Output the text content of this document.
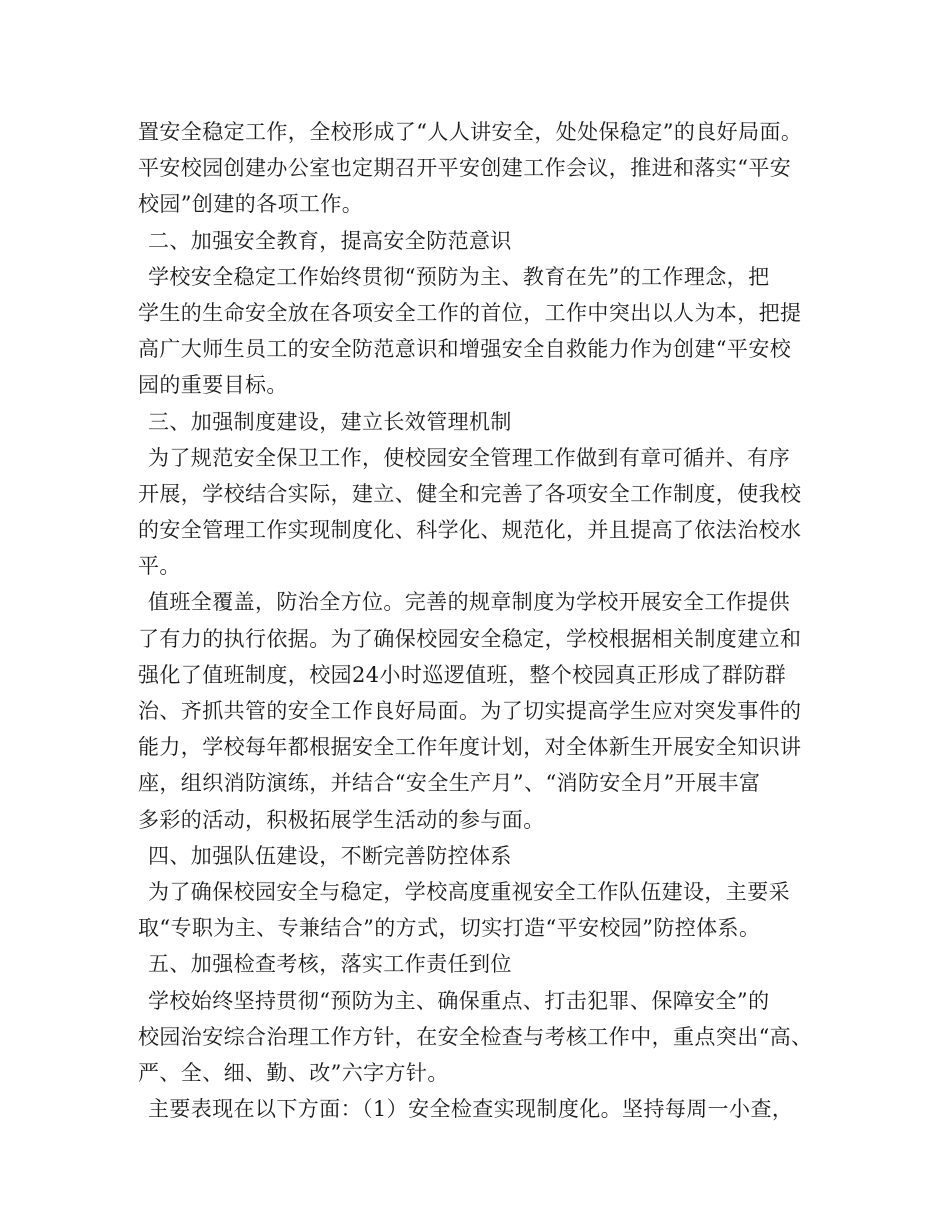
置安全稳定工作，全校形成了“人人讲安全，处处保稳定”的良好局面。
平安校园创建办公室也定期召开平安创建工作会议，推进和落实“平安
校园”创建的各项工作。
二、加强安全教育，提高安全防范意识
学校安全稳定工作始终贯彻“预防为主、教育在先”的工作理念，把
学生的生命安全放在各项安全工作的首位，工作中突出以人为本，把提
高广大师生员工的安全防范意识和增强安全自救能力作为创建“平安校
园的重要目标。
三、加强制度建设，建立长效管理机制
为了规范安全保卫工作，使校园安全管理工作做到有章可循并、有序
开展，学校结合实际，建立、健全和完善了各项安全工作制度，使我校
的安全管理工作实现制度化、科学化、规范化，并且提高了依法治校水
平。
值班全覆盖，防治全方位。完善的规章制度为学校开展安全工作提供
了有力的执行依据。为了确保校园安全稳定，学校根据相关制度建立和
强化了值班制度，校园24小时巡逻值班，整个校园真正形成了群防群
治、齐抓共管的安全工作良好局面。为了切实提高学生应对突发事件的
能力，学校每年都根据安全工作年度计划，对全体新生开展安全知识讲
座，组织消防演练，并结合“安全生产月”、“消防安全月”开展丰富
多彩的活动，积极拓展学生活动的参与面。
四、加强队伍建设，不断完善防控体系
为了确保校园安全与稳定，学校高度重视安全工作队伍建设，主要采
取“专职为主、专兼结合”的方式，切实打造“平安校园”防控体系。
五、加强检查考核，落实工作责任到位
学校始终坚持贯彻“预防为主、确保重点、打击犯罪、保障安全”的
校园治安综合治理工作方针，在安全检查与考核工作中，重点突出“高、
严、全、细、勤、改”六字方针。
主要表现在以下方面：（1）安全检查实现制度化。坚持每周一小查，
